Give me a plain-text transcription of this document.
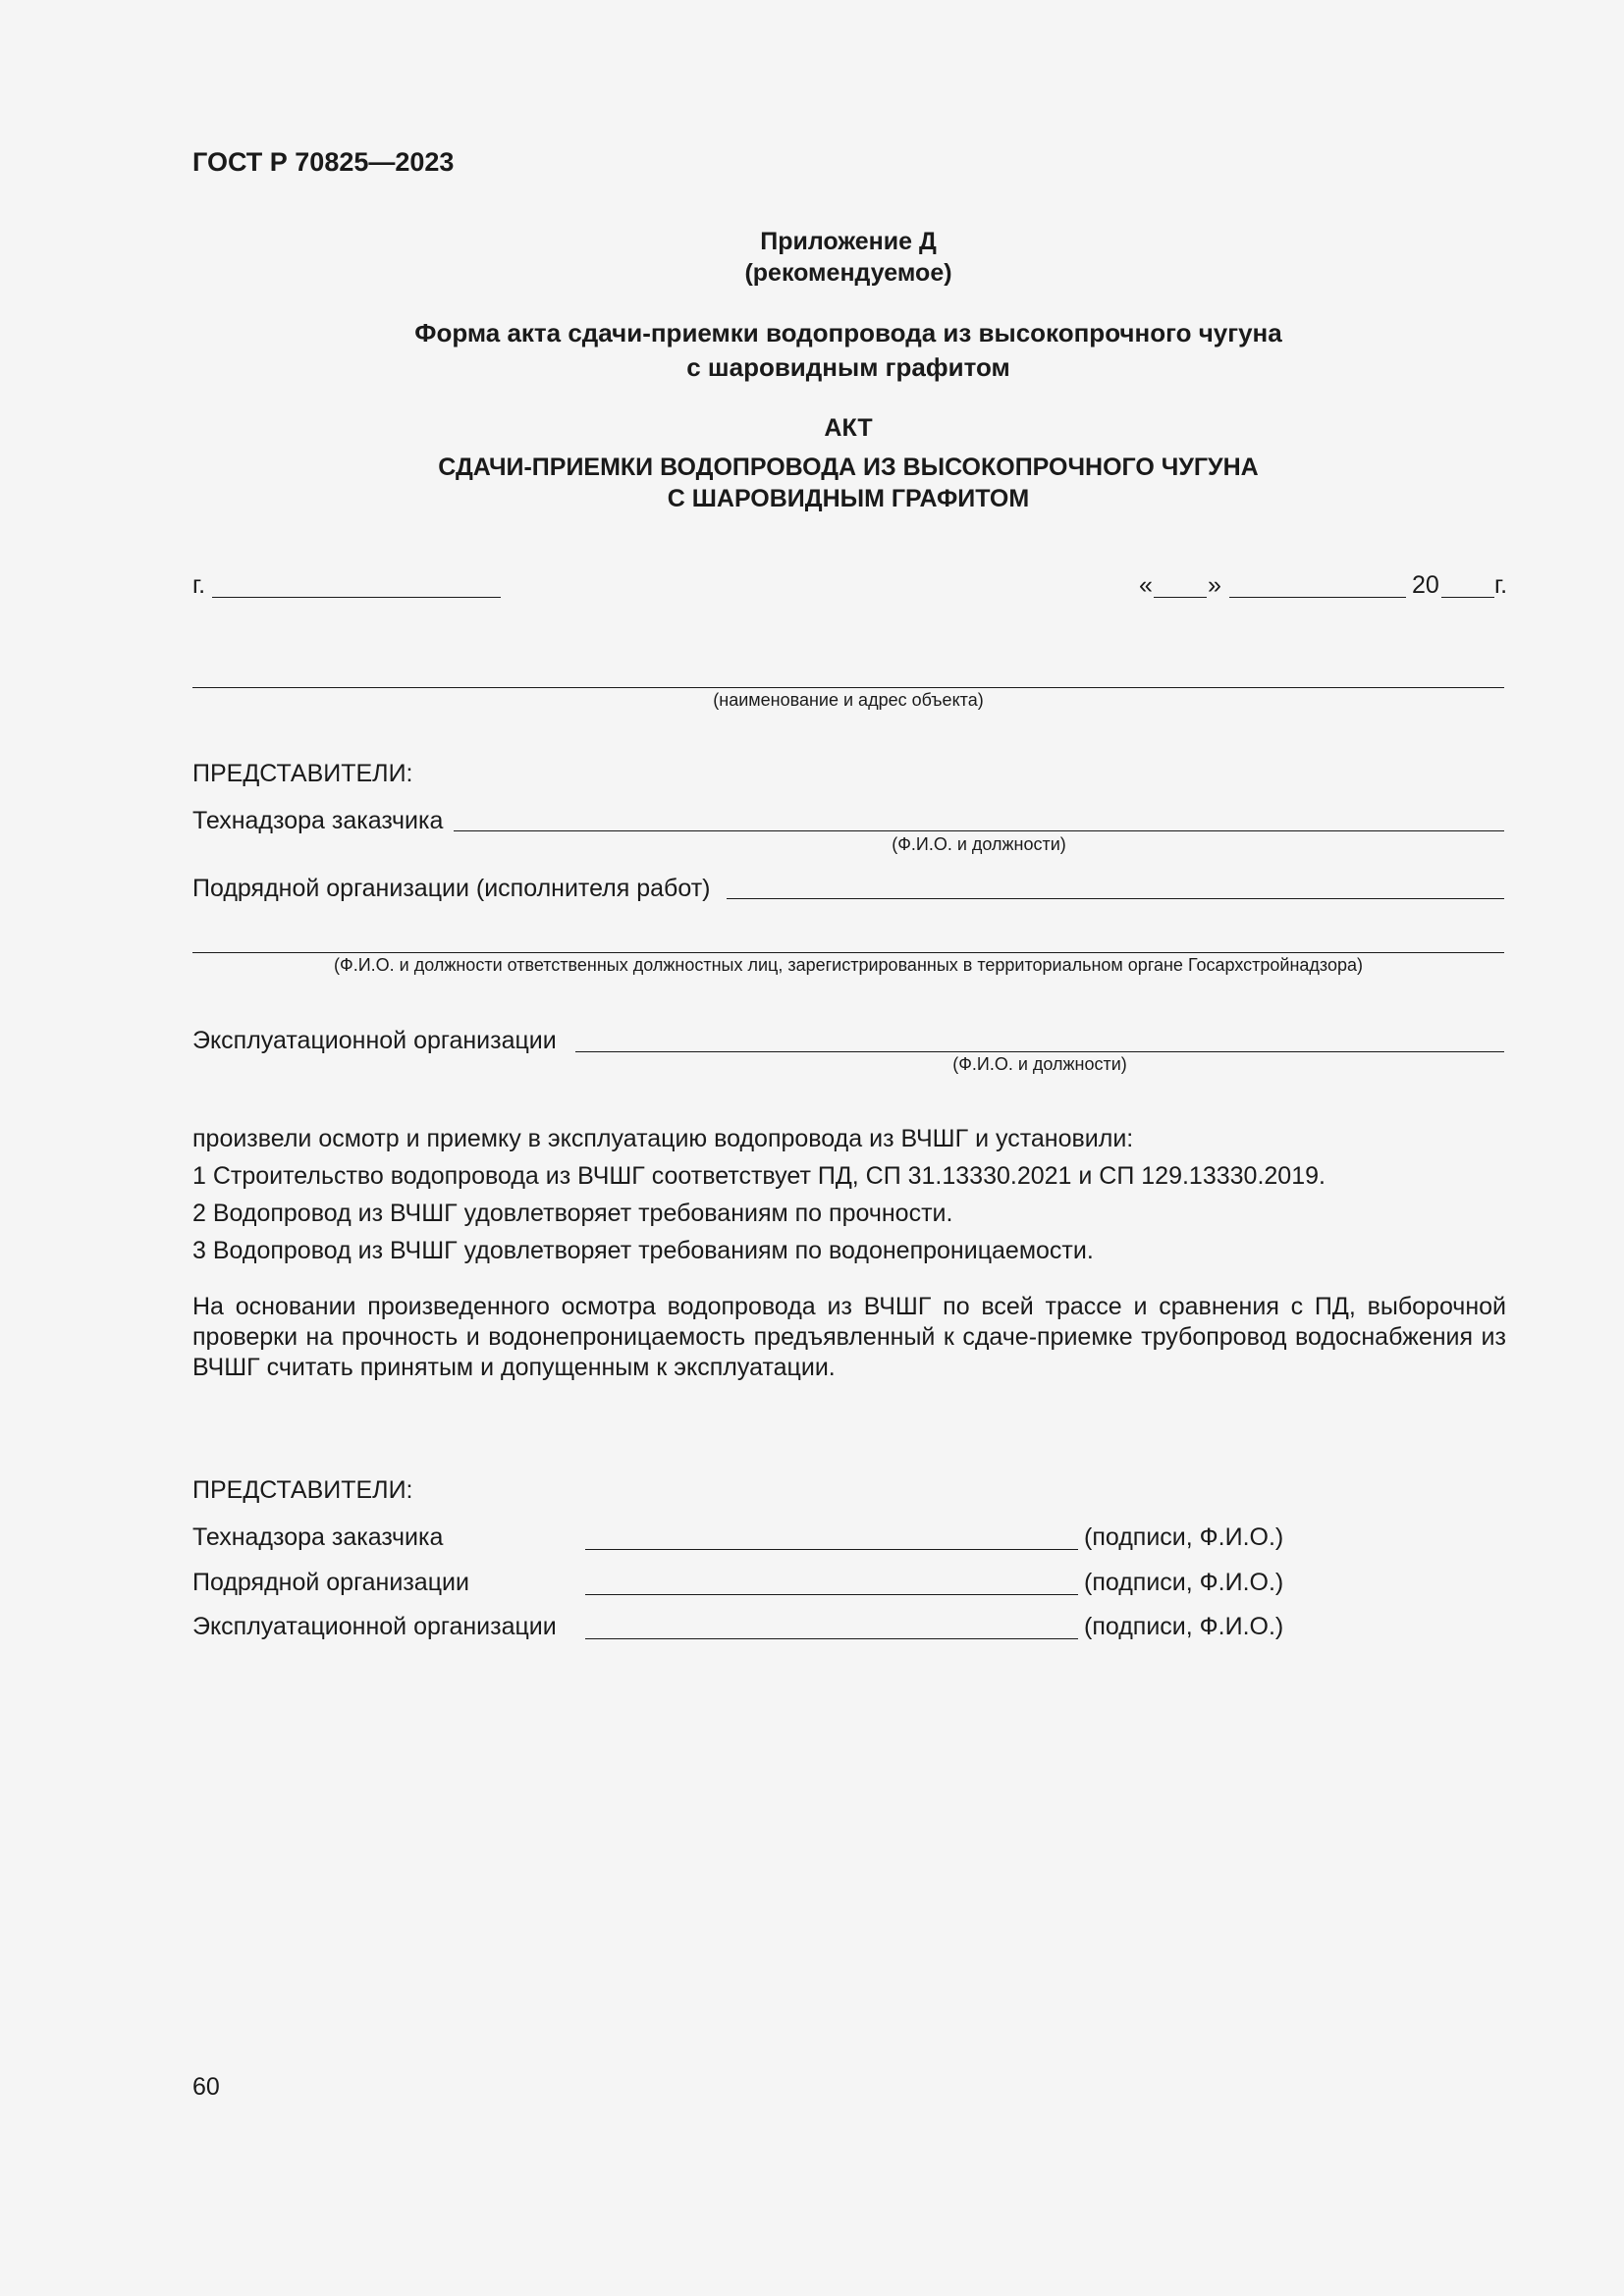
ГОСТ Р 70825—2023
Приложение Д
(рекомендуемое)
Форма акта сдачи-приемки водопровода из высокопрочного чугуна
с шаровидным графитом
АКТ
СДАЧИ-ПРИЕМКИ ВОДОПРОВОДА ИЗ ВЫСОКОПРОЧНОГО ЧУГУНА
С ШАРОВИДНЫМ ГРАФИТОМ
г.	« »	20 г.
(наименование и адрес объекта)
ПРЕДСТАВИТЕЛИ:
Технадзора заказчика
(Ф.И.О. и должности)
Подрядной организации (исполнителя работ)
(Ф.И.О. и должности ответственных должностных лиц, зарегистрированных в территориальном органе Госархстройнадзора)
Эксплуатационной организации
(Ф.И.О. и должности)
произвели осмотр и приемку в эксплуатацию водопровода из ВЧШГ и установили:
1 Строительство водопровода из ВЧШГ соответствует ПД, СП 31.13330.2021 и СП 129.13330.2019.
2 Водопровод из ВЧШГ удовлетворяет требованиям по прочности.
3 Водопровод из ВЧШГ удовлетворяет требованиям по водонепроницаемости.
На основании произведенного осмотра водопровода из ВЧШГ по всей трассе и сравнения с ПД, выборочной проверки на прочность и водонепроницаемость предъявленный к сдаче-приемке трубопровод водоснабжения из ВЧШГ считать принятым и допущенным к эксплуатации.
ПРЕДСТАВИТЕЛИ:
Технадзора заказчика	(подписи, Ф.И.О.)
Подрядной организации	(подписи, Ф.И.О.)
Эксплуатационной организации	(подписи, Ф.И.О.)
60
